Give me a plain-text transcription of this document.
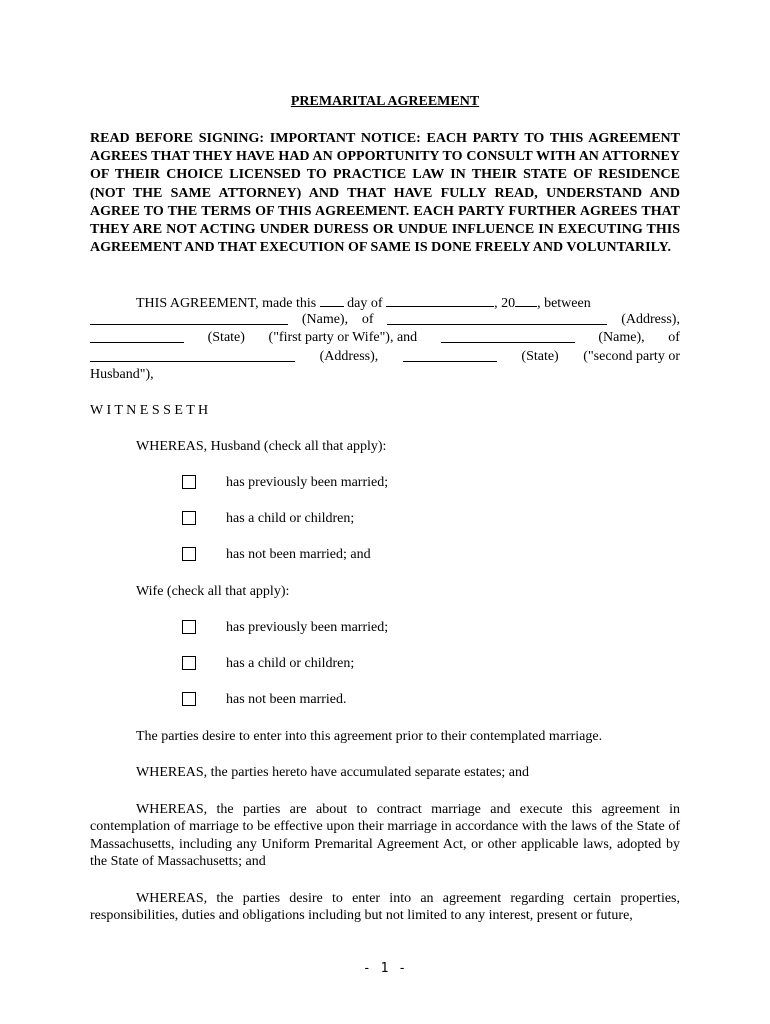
PREMARITAL AGREEMENT
READ BEFORE SIGNING: IMPORTANT NOTICE: EACH PARTY TO THIS AGREEMENT AGREES THAT THEY HAVE HAD AN OPPORTUNITY TO CONSULT WITH AN ATTORNEY OF THEIR CHOICE LICENSED TO PRACTICE LAW IN THEIR STATE OF RESIDENCE (NOT THE SAME ATTORNEY) AND THAT HAVE FULLY READ, UNDERSTAND AND AGREE TO THE TERMS OF THIS AGREEMENT. EACH PARTY FURTHER AGREES THAT THEY ARE NOT ACTING UNDER DURESS OR UNDUE INFLUENCE IN EXECUTING THIS AGREEMENT AND THAT EXECUTION OF SAME IS DONE FREELY AND VOLUNTARILY.
THIS AGREEMENT, made this day of	, 20 , between
(Name), of	(Address),
(State) ("first party or Wife"), and	(Name), of
(Address),	(State) ("second party or
Husband"),
W I T N E S S E T H
WHEREAS, Husband (check all that apply):
has previously been married;
has a child or children;
has not been married; and
Wife (check all that apply):
has previously been married;
has a child or children;
has not been married.
The parties desire to enter into this agreement prior to their contemplated marriage.
WHEREAS, the parties hereto have accumulated separate estates; and
WHEREAS, the parties are about to contract marriage and execute this agreement in contemplation of marriage to be effective upon their marriage in accordance with the laws of the State of Massachusetts, including any Uniform Premarital Agreement Act, or other applicable laws, adopted by the State of Massachusetts; and
WHEREAS, the parties desire to enter into an agreement regarding certain properties, responsibilities, duties and obligations including but not limited to any interest, present or future,
- 1 -
